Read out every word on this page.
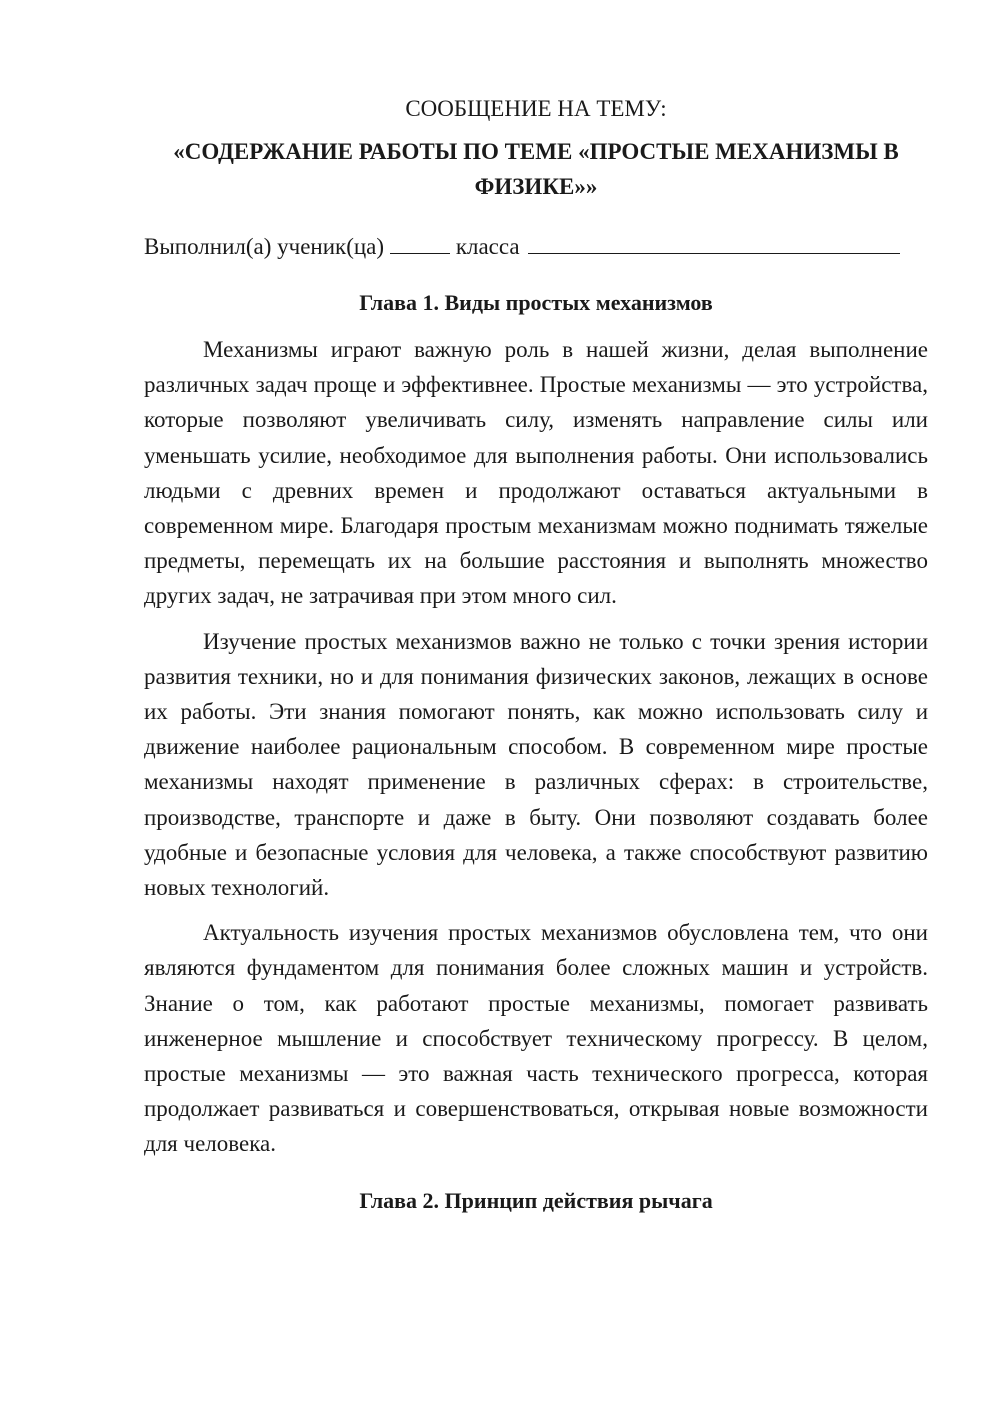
СООБЩЕНИЕ НА ТЕМУ:

«СОДЕРЖАНИЕ РАБОТЫ ПО ТЕМЕ «ПРОСТЫЕ МЕХАНИЗМЫ В ФИЗИКЕ»»

Выполнил(а) ученик(ца)	класса

Глава 1. Виды простых механизмов

Механизмы играют важную роль в нашей жизни, делая выполнение различных задач проще и эффективнее. Простые механизмы — это устройства, которые позволяют увеличивать силу, изменять направление силы или уменьшать усилие, необходимое для выполнения работы. Они использовались людьми с древних времен и продолжают оставаться актуальными в современном мире. Благодаря простым механизмам можно поднимать тяжелые предметы, перемещать их на большие расстояния и выполнять множество других задач, не затрачивая при этом много сил.

Изучение простых механизмов важно не только с точки зрения истории развития техники, но и для понимания физических законов, лежащих в основе их работы. Эти знания помогают понять, как можно использовать силу и движение наиболее рациональным способом. В современном мире простые механизмы находят применение в различных сферах: в строительстве, производстве, транспорте и даже в быту. Они позволяют создавать более удобные и безопасные условия для человека, а также способствуют развитию новых технологий.

Актуальность изучения простых механизмов обусловлена тем, что они являются фундаментом для понимания более сложных машин и устройств. Знание о том, как работают простые механизмы, помогает развивать инженерное мышление и способствует техническому прогрессу. В целом, простые механизмы — это важная часть технического прогресса, которая продолжает развиваться и совершенствоваться, открывая новые возможности для человека.

Глава 2. Принцип действия рычага
